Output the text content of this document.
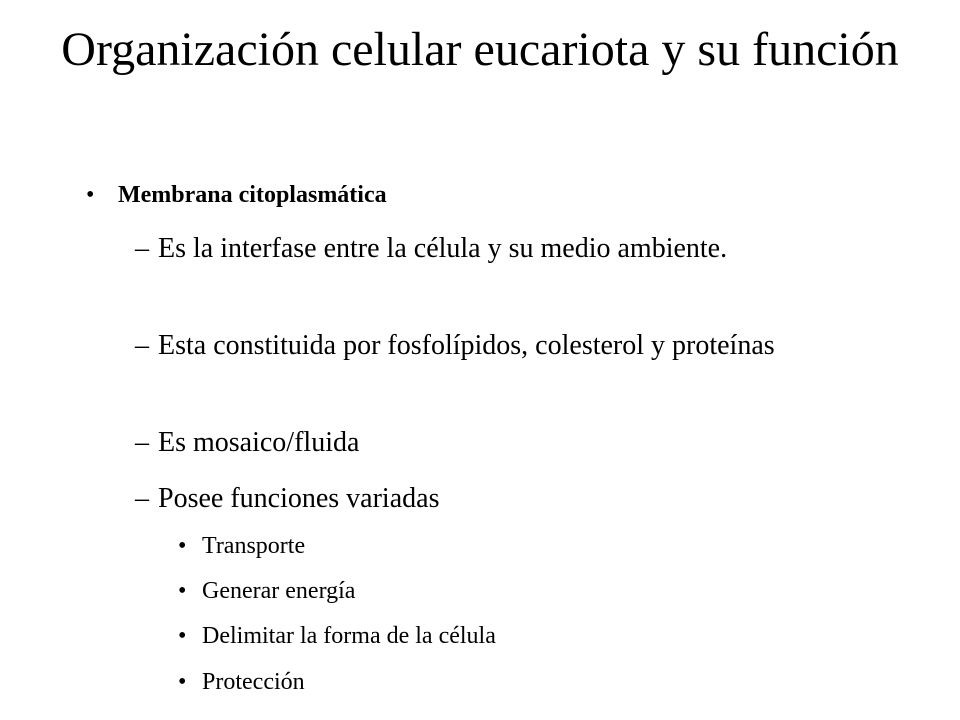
Organización celular eucariota y su función
• Membrana citoplasmática
– Es la interfase entre la célula y su medio ambiente.
– Esta constituida por fosfolípidos, colesterol y proteínas
– Es mosaico/fluida
– Posee funciones variadas
• Transporte
• Generar energía
• Delimitar la forma de la célula
• Protección
